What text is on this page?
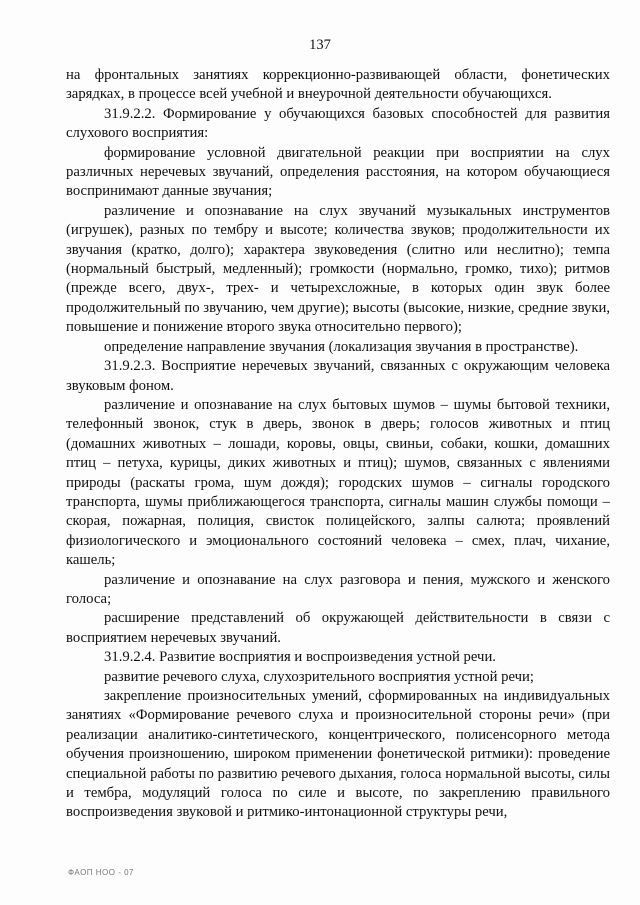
137

на фронтальных занятиях коррекционно-развивающей области, фонетических зарядках, в процессе всей учебной и внеурочной деятельности обучающихся.

31.9.2.2. Формирование у обучающихся базовых способностей для развития слухового восприятия:

формирование условной двигательной реакции при восприятии на слух различных неречевых звучаний, определения расстояния, на котором обучающиеся воспринимают данные звучания;

различение и опознавание на слух звучаний музыкальных инструментов (игрушек), разных по тембру и высоте; количества звуков; продолжительности их звучания (кратко, долго); характера звуковедения (слитно или неслитно); темпа (нормальный быстрый, медленный); громкости (нормально, громко, тихо); ритмов (прежде всего, двух-, трех- и четырехсложные, в которых один звук более продолжительный по звучанию, чем другие); высоты (высокие, низкие, средние звуки, повышение и понижение второго звука относительно первого);

определение направление звучания (локализация звучания в пространстве).

31.9.2.3. Восприятие неречевых звучаний, связанных с окружающим человека звуковым фоном.

различение и опознавание на слух бытовых шумов – шумы бытовой техники, телефонный звонок, стук в дверь, звонок в дверь; голосов животных и птиц (домашних животных – лошади, коровы, овцы, свиньи, собаки, кошки, домашних птиц – петуха, курицы, диких животных и птиц); шумов, связанных с явлениями природы (раскаты грома, шум дождя); городских шумов – сигналы городского транспорта, шумы приближающегося транспорта, сигналы машин службы помощи – скорая, пожарная, полиция, свисток полицейского, залпы салюта; проявлений физиологического и эмоционального состояний человека – смех, плач, чихание, кашель;

различение и опознавание на слух разговора и пения, мужского и женского голоса;

расширение представлений об окружающей действительности в связи с восприятием неречевых звучаний.

31.9.2.4. Развитие восприятия и воспроизведения устной речи.

развитие речевого слуха, слухозрительного восприятия устной речи;

закрепление произносительных умений, сформированных на индивидуальных занятиях «Формирование речевого слуха и произносительной стороны речи» (при реализации аналитико-синтетического, концентрического, полисенсорного метода обучения произношению, широком применении фонетической ритмики): проведение специальной работы по развитию речевого дыхания, голоса нормальной высоты, силы и тембра, модуляций голоса по силе и высоте, по закреплению правильного воспроизведения звуковой и ритмико-интонационной структуры речи,

ФАОП НОО - 07
